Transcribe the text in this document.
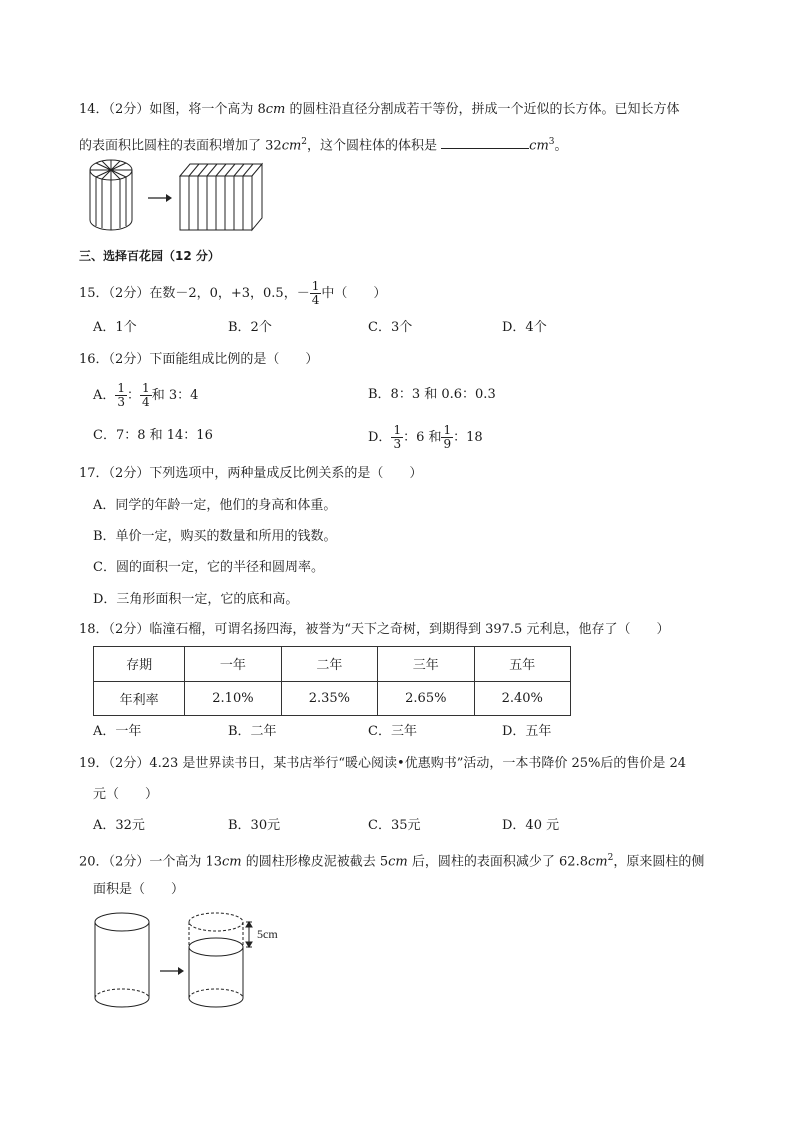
14．（2分）如图，将一个高为 8cm 的圆柱沿直径分割成若干等份，拼成一个近似的长方体。已知长方体
的表面积比圆柱的表面积增加了 $32cm^2$，这个圆柱体的体积是	$cm^3$。
三、选择百花园（12 分）
15．（2分）在数－2，0，+3，0.5，－ $\frac{1}{4}$ 中（　　）
A．1个	B．2个	C．3个	D．4个
16．（2分）下面能组成比例的是（　　）
A． $\frac{1}{3}$ ： $\frac{1}{4}$ 和 3：4	B．8：3 和 0.6：0.3
C．7：8 和 14：16	D． $\frac{1}{3}$ ：6 和 $\frac{1}{9}$ ：18
17．（2分）下列选项中，两种量成反比例关系的是（　　）
A．同学的年龄一定，他们的身高和体重。
B．单价一定，购买的数量和所用的钱数。
C．圆的面积一定，它的半径和圆周率。
D．三角形面积一定，它的底和高。
18．（2分）临潼石榴，可谓名扬四海，被誉为“天下之奇树，到期得到 397.5 元利息，他存了（　　）
存期	一年	二年	三年	五年
年利率	2.10%	2.35%	2.65%	2.40%
A．一年	B．二年	C．三年	D．五年
19．（2分）4.23 是世界读书日，某书店举行“暖心阅读•优惠购书”活动，一本书降价 25%后的售价是 24
元（　　）
A．32元	B．30元	C．35元	D．40 元
20．（2分）一个高为 13cm 的圆柱形橡皮泥被截去 5cm 后，圆柱的表面积减少了 $62.8cm^2$，原来圆柱的侧
面积是（　　）
5cm
